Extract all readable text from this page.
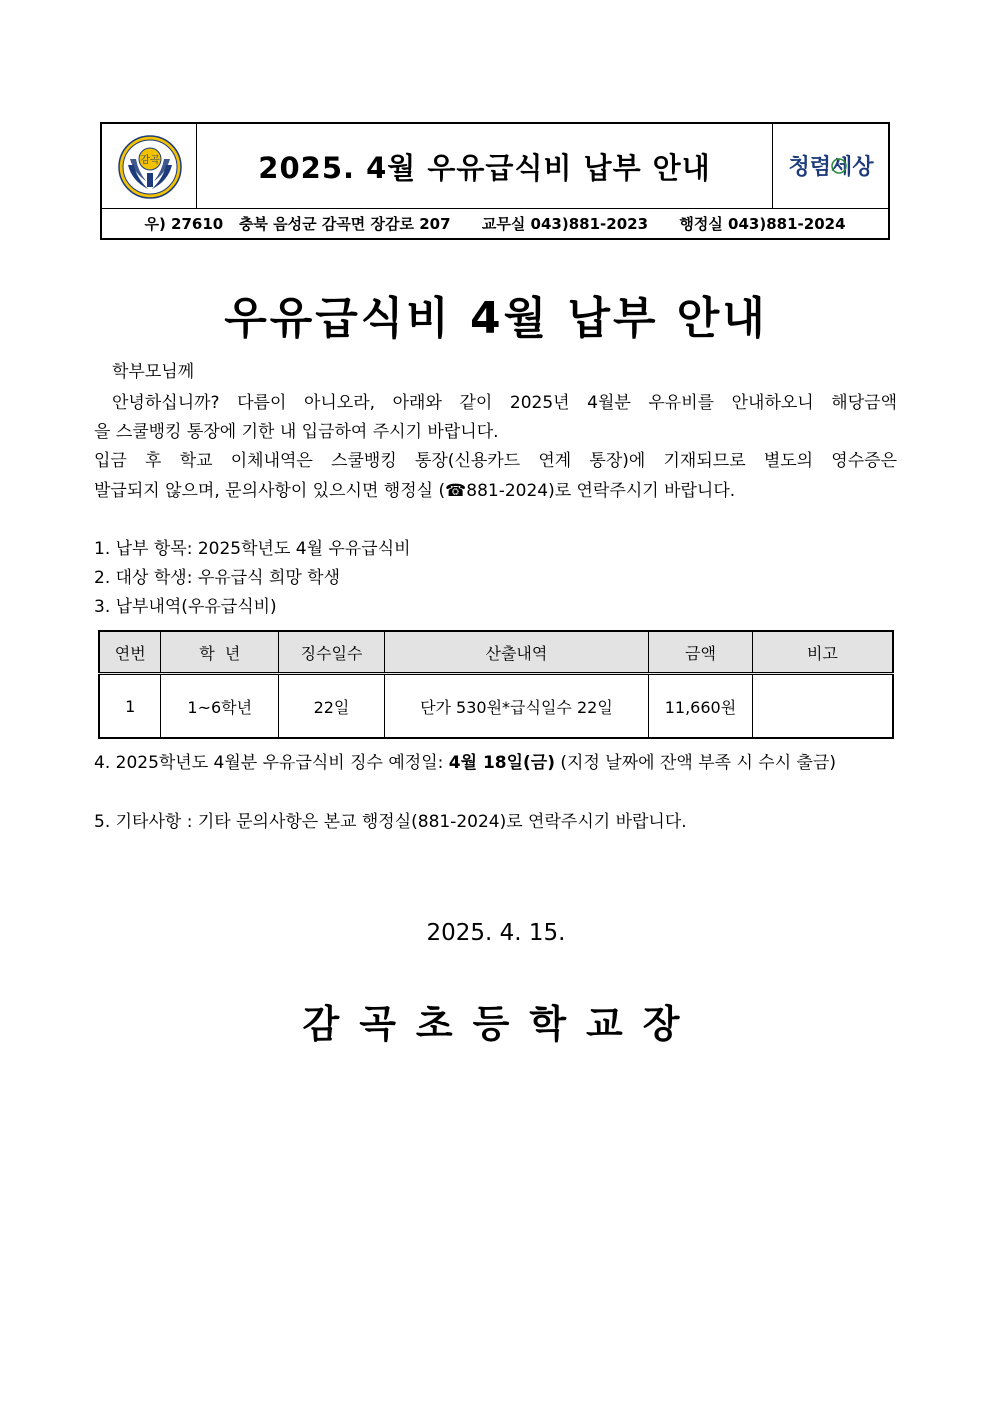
감곡	2025. 4월 우유급식비 납부 안내	청렴세상
우) 27610
충북 음성군 감곡면 장감로 207
교무실 043)881-2023
행정실 043)881-2024
우유급식비 4월 납부 안내
학부모님께
안녕하십니까? 다름이 아니오라, 아래와 같이 2025년 4월분 우유비를 안내하오니 해당금액
을 스쿨뱅킹 통장에 기한 내 입금하여 주시기 바랍니다.
입금 후 학교 이체내역은 스쿨뱅킹 통장(신용카드 연계 통장)에 기재되므로 별도의 영수증은
발급되지 않으며, 문의사항이 있으시면 행정실 (☎881-2024)로 연락주시기 바랍니다.
1. 납부 항목: 2025학년도 4월 우유급식비
2. 대상 학생: 우유급식 희망 학생
3. 납부내역(우유급식비)
연번	학  년	징수일수	산출내역	금액	비고
1	1~6학년	22일	단가 530원*급식일수 22일	11,660원	
4. 2025학년도 4월분 우유급식비 징수 예정일: 4월 18일(금) (지정 날짜에 잔액 부족 시 수시 출금)
5. 기타사항 : 기타 문의사항은 본교 행정실(881-2024)로 연락주시기 바랍니다.
2025. 4. 15.
감곡초등학교장
